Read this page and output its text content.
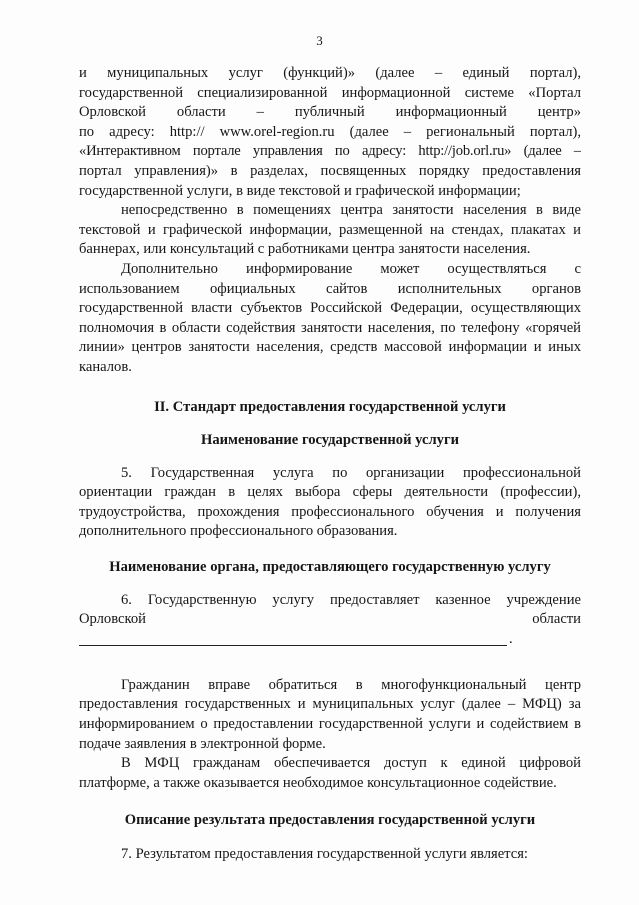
3
и муниципальных услуг (функций)» (далее – единый портал),
государственной специализированной информационной системе «Портал
Орловской области – публичный информационный центр»
по адресу: http:// www.orel-region.ru (далее – региональный портал),
«Интерактивном портале управления по адресу: http://job.orl.ru» (далее –
портал управления)» в разделах, посвященных порядку предоставления
государственной услуги, в виде текстовой и графической информации;

непосредственно в помещениях центра занятости населения в виде текстовой и графической информации, размещенной на стендах, плакатах и баннерах, или консультаций с работниками центра занятости населения.

Дополнительно информирование может осуществляться с использованием официальных сайтов исполнительных органов государственной власти субъектов Российской Федерации, осуществляющих полномочия в области содействия занятости населения, по телефону «горячей линии» центров занятости населения, средств массовой информации и иных каналов.

II. Стандарт предоставления государственной услуги

Наименование государственной услуги

5. Государственная услуга по организации профессиональной ориентации граждан в целях выбора сферы деятельности (профессии), трудоустройства, прохождения профессионального обучения и получения дополнительного профессионального образования.

Наименование органа, предоставляющего государственную услугу

6. Государственную услугу предоставляет казенное учреждение

Орловской	области
.

Гражданин вправе обратиться в многофункциональный центр предоставления государственных и муниципальных услуг (далее – МФЦ) за информированием о предоставлении государственной услуги и содействием в подаче заявления в электронной форме.

В МФЦ гражданам обеспечивается доступ к единой цифровой платформе, а также оказывается необходимое консультационное содействие.

Описание результата предоставления государственной услуги

7. Результатом предоставления государственной услуги является:
